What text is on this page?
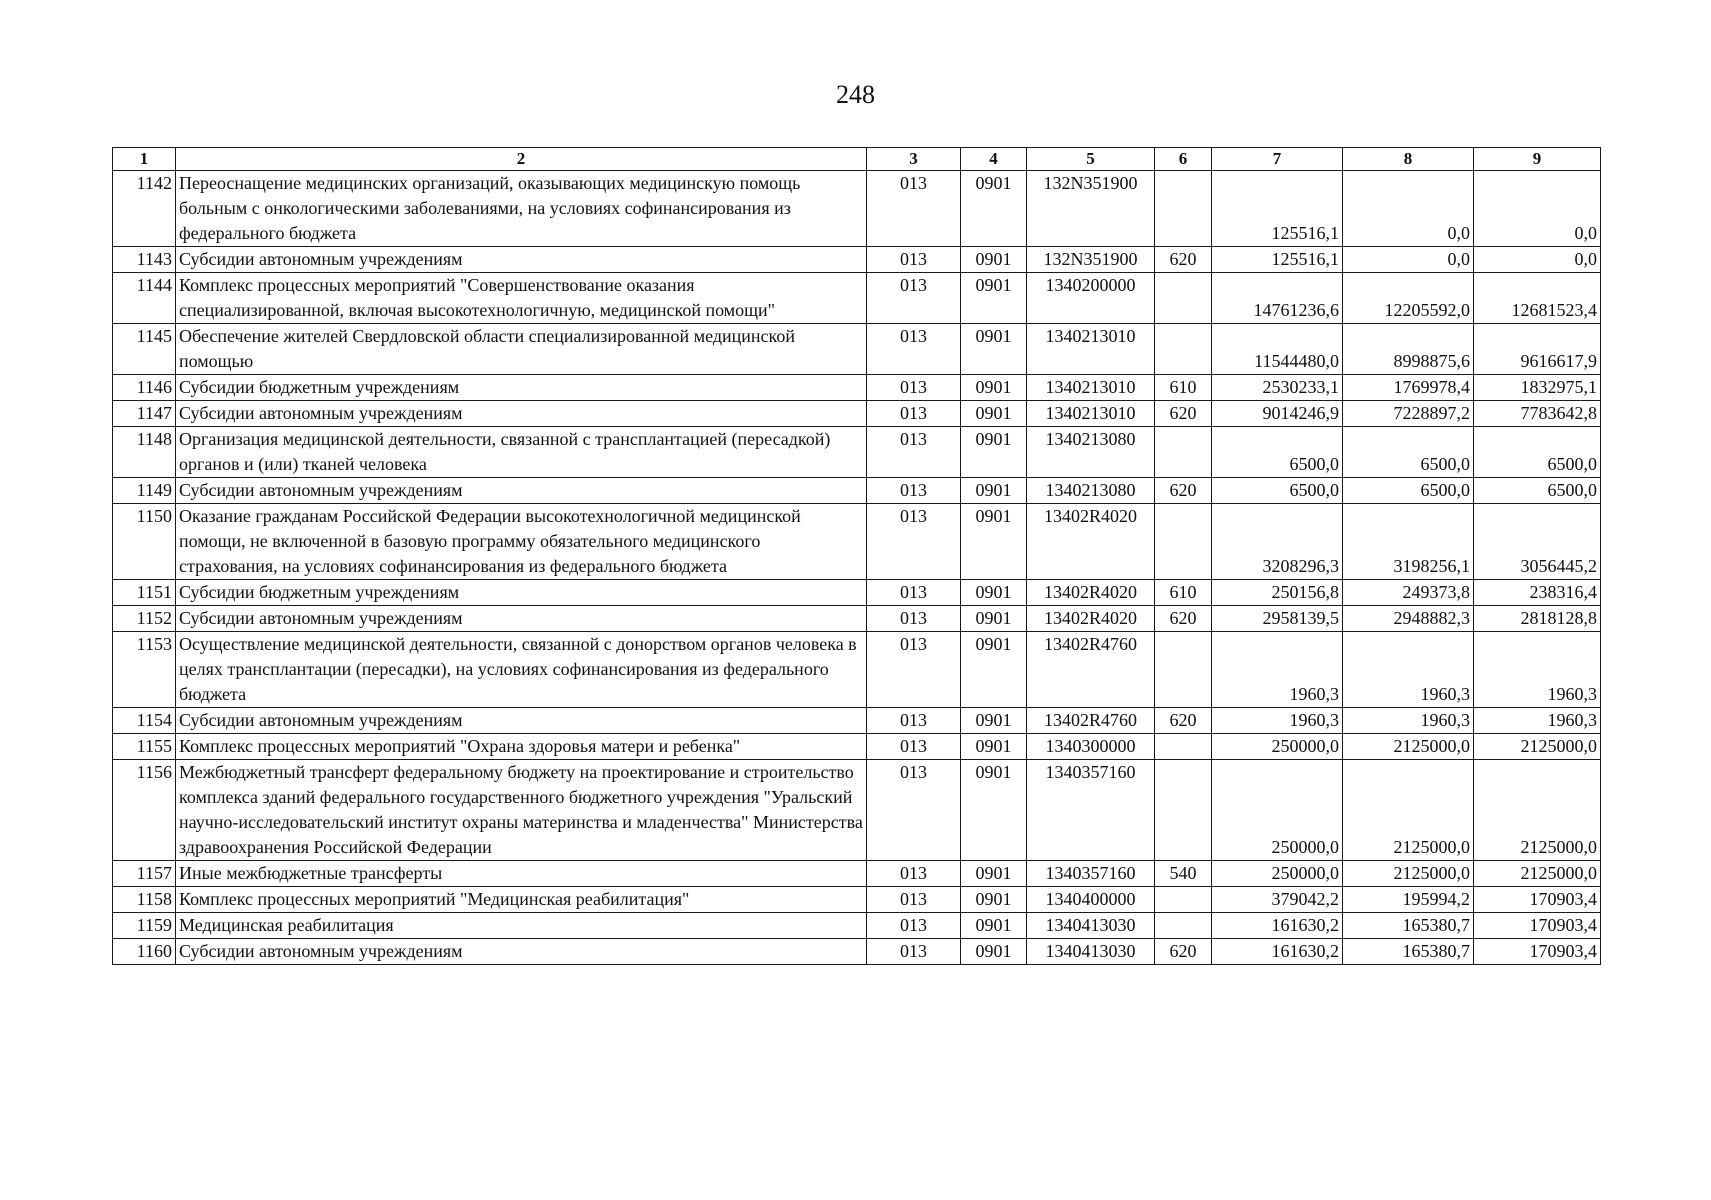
248
1	2	3	4	5	6	7	8	9
1142	Переоснащение медицинских организаций, оказывающих медицинскую помощь больным с онкологическими заболеваниями, на условиях софинансирования из федерального бюджета	013	0901	132N351900		125516,1	0,0	0,0
1143	Субсидии автономным учреждениям	013	0901	132N351900	620	125516,1	0,0	0,0
1144	Комплекс процессных мероприятий "Совершенствование оказания специализированной, включая высокотехнологичную, медицинской помощи"	013	0901	1340200000		14761236,6	12205592,0	12681523,4
1145	Обеспечение жителей Свердловской области специализированной медицинской помощью	013	0901	1340213010		11544480,0	8998875,6	9616617,9
1146	Субсидии бюджетным учреждениям	013	0901	1340213010	610	2530233,1	1769978,4	1832975,1
1147	Субсидии автономным учреждениям	013	0901	1340213010	620	9014246,9	7228897,2	7783642,8
1148	Организация медицинской деятельности, связанной с трансплантацией (пересадкой) органов и (или) тканей человека	013	0901	1340213080		6500,0	6500,0	6500,0
1149	Субсидии автономным учреждениям	013	0901	1340213080	620	6500,0	6500,0	6500,0
1150	Оказание гражданам Российской Федерации высокотехнологичной медицинской помощи, не включенной в базовую программу обязательного медицинского страхования, на условиях софинансирования из федерального бюджета	013	0901	13402R4020		3208296,3	3198256,1	3056445,2
1151	Субсидии бюджетным учреждениям	013	0901	13402R4020	610	250156,8	249373,8	238316,4
1152	Субсидии автономным учреждениям	013	0901	13402R4020	620	2958139,5	2948882,3	2818128,8
1153	Осуществление медицинской деятельности, связанной с донорством органов человека в целях трансплантации (пересадки), на условиях софинансирования из федерального бюджета	013	0901	13402R4760		1960,3	1960,3	1960,3
1154	Субсидии автономным учреждениям	013	0901	13402R4760	620	1960,3	1960,3	1960,3
1155	Комплекс процессных мероприятий "Охрана здоровья матери и ребенка"	013	0901	1340300000		250000,0	2125000,0	2125000,0
1156	Межбюджетный трансферт федеральному бюджету на проектирование и строительство комплекса зданий федерального государственного бюджетного учреждения "Уральский научно-исследовательский институт охраны материнства и младенчества" Министерства здравоохранения Российской Федерации	013	0901	1340357160		250000,0	2125000,0	2125000,0
1157	Иные межбюджетные трансферты	013	0901	1340357160	540	250000,0	2125000,0	2125000,0
1158	Комплекс процессных мероприятий "Медицинская реабилитация"	013	0901	1340400000		379042,2	195994,2	170903,4
1159	Медицинская реабилитация	013	0901	1340413030		161630,2	165380,7	170903,4
1160	Субсидии автономным учреждениям	013	0901	1340413030	620	161630,2	165380,7	170903,4
